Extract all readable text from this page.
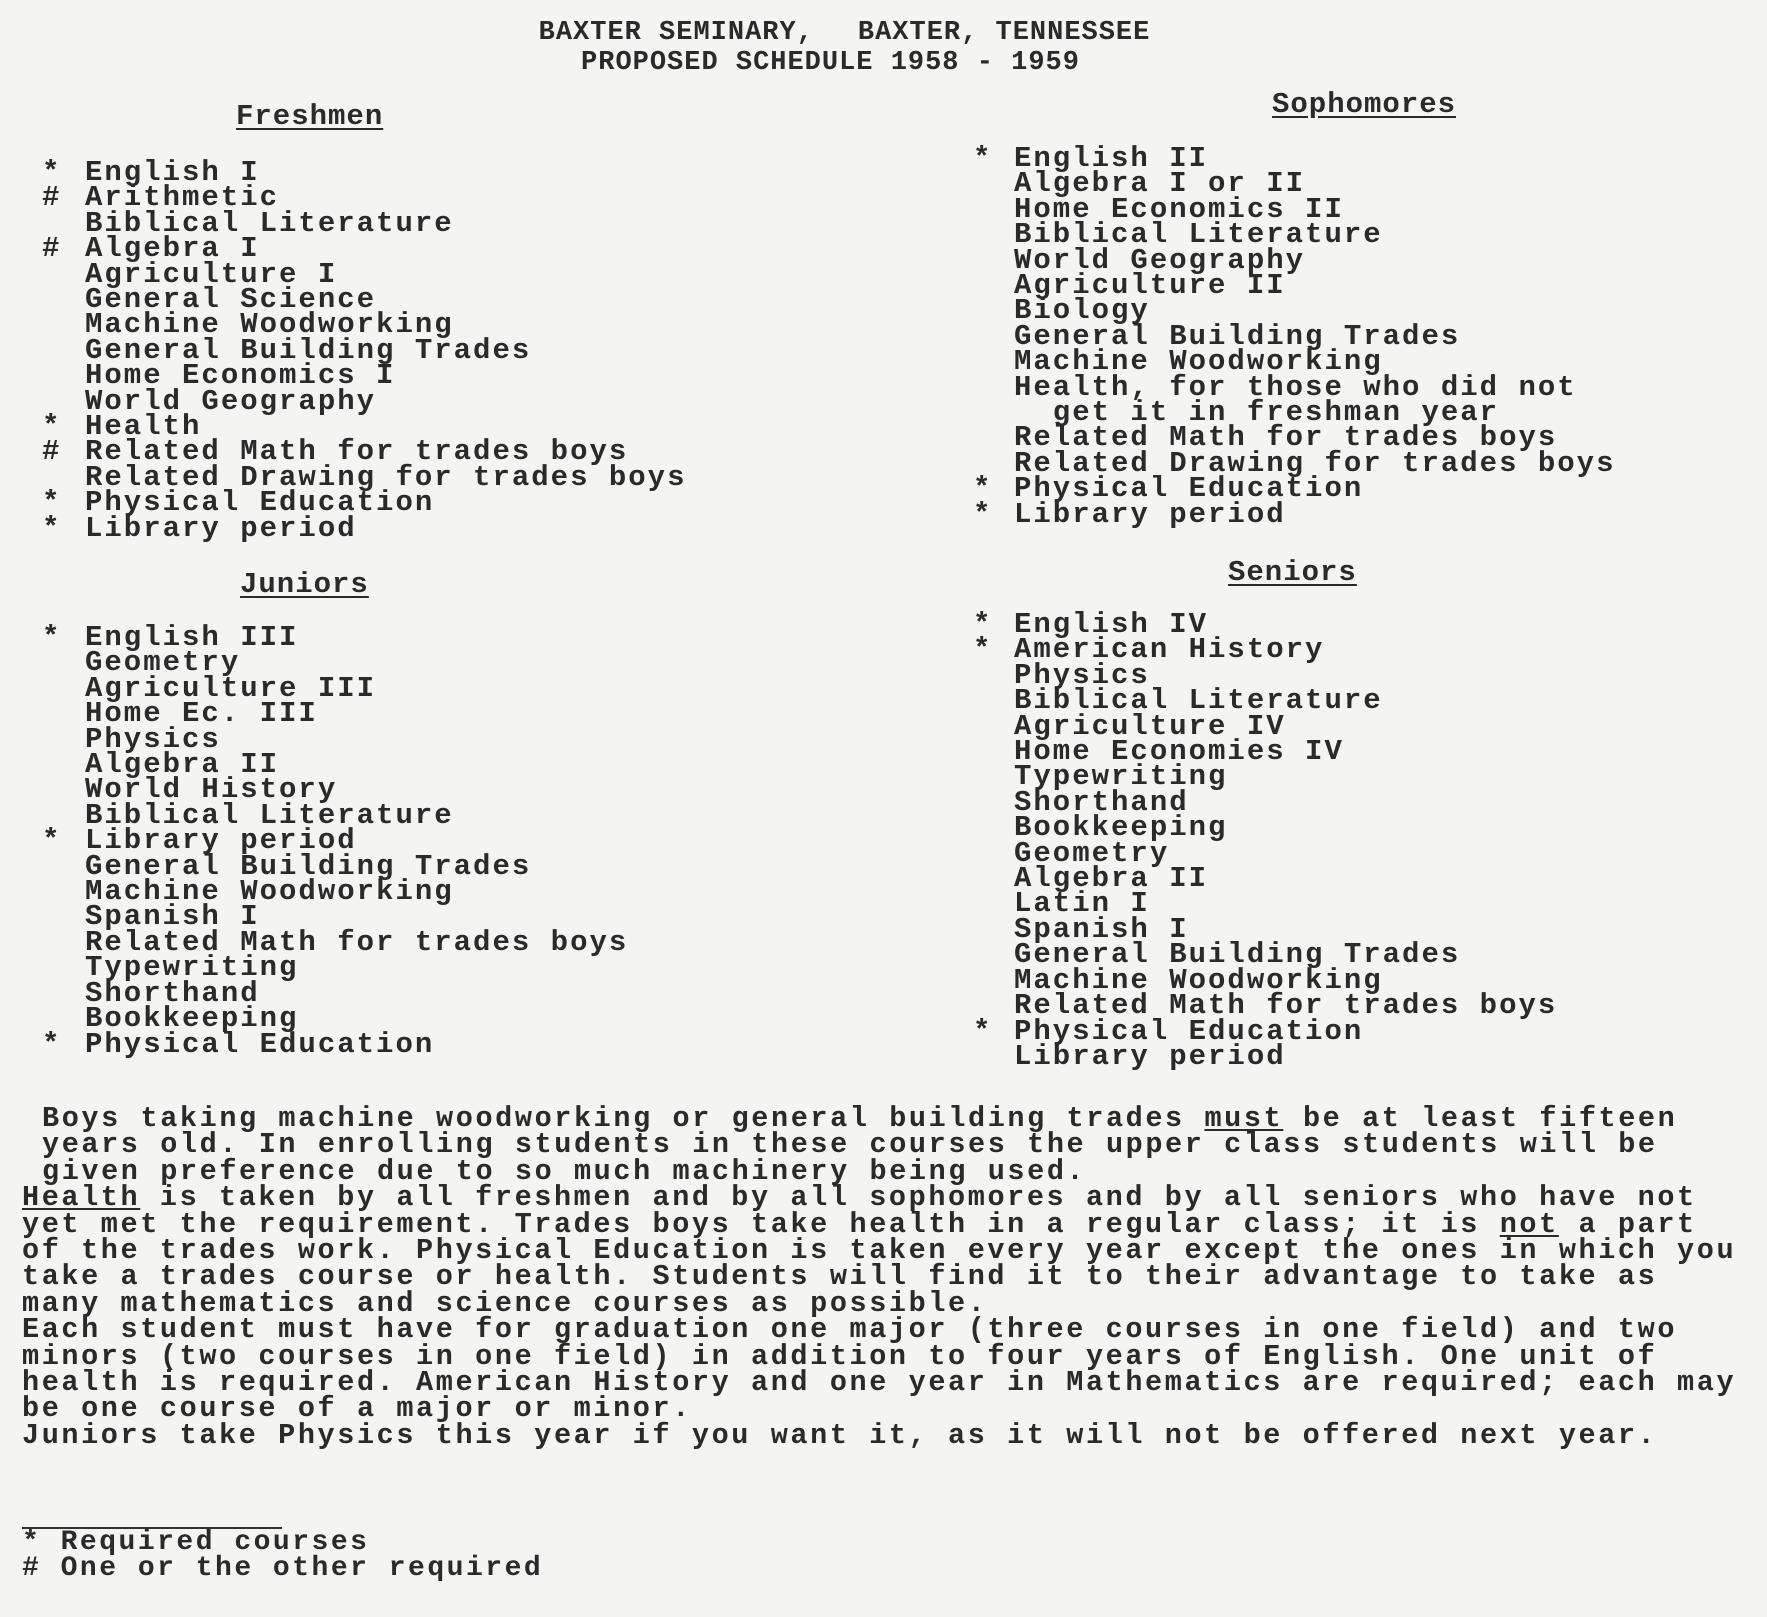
BAXTER SEMINARY, BAXTER, TENNESSEE
PROPOSED SCHEDULE 1958 - 1959
Freshmen
* English I
# Arithmetic
Biblical Literature
# Algebra I
Agriculture I
General Science
Machine Woodworking
General Building Trades
Home Economics I
World Geography
* Health
# Related Math for trades boys
Related Drawing for trades boys
* Physical Education
* Library period
Sophomores
* English II
Algebra I or II
Home Economics II
Biblical Literature
World Geography
Agriculture II
Biology
General Building Trades
Machine Woodworking
Health, for those who did not
get it in freshman year
Related Math for trades boys
Related Drawing for trades boys
* Physical Education
* Library period
Juniors
* English III
Geometry
Agriculture III
Home Ec. III
Physics
Algebra II
World History
Biblical Literature
* Library period
General Building Trades
Machine Woodworking
Spanish I
Related Math for trades boys
Typewriting
Shorthand
Bookkeeping
* Physical Education
Seniors
* English IV
* American History
Physics
Biblical Literature
Agriculture IV
Home Economies IV
Typewriting
Shorthand
Bookkeeping
Geometry
Algebra II
Latin I
Spanish I
General Building Trades
Machine Woodworking
Related Math for trades boys
* Physical Education
Library period

Boys taking machine woodworking or general building trades must be at least fifteen years old. In enrolling students in these courses the upper class students will be given preference due to so much machinery being used.

Health is taken by all freshmen and by all sophomores and by all seniors who have not yet met the requirement. Trades boys take health in a regular class; it is not a part of the trades work. Physical Education is taken every year except the ones in which you take a trades course or health. Students will find it to their advantage to take as many mathematics and science courses as possible.

Each student must have for graduation one major (three courses in one field) and two minors (two courses in one field) in addition to four years of English. One unit of health is required. American History and one year in Mathematics are required; each may be one course of a major or minor.

Juniors take Physics this year if you want it, as it will not be offered next year.

* Required courses
# One or the other required
